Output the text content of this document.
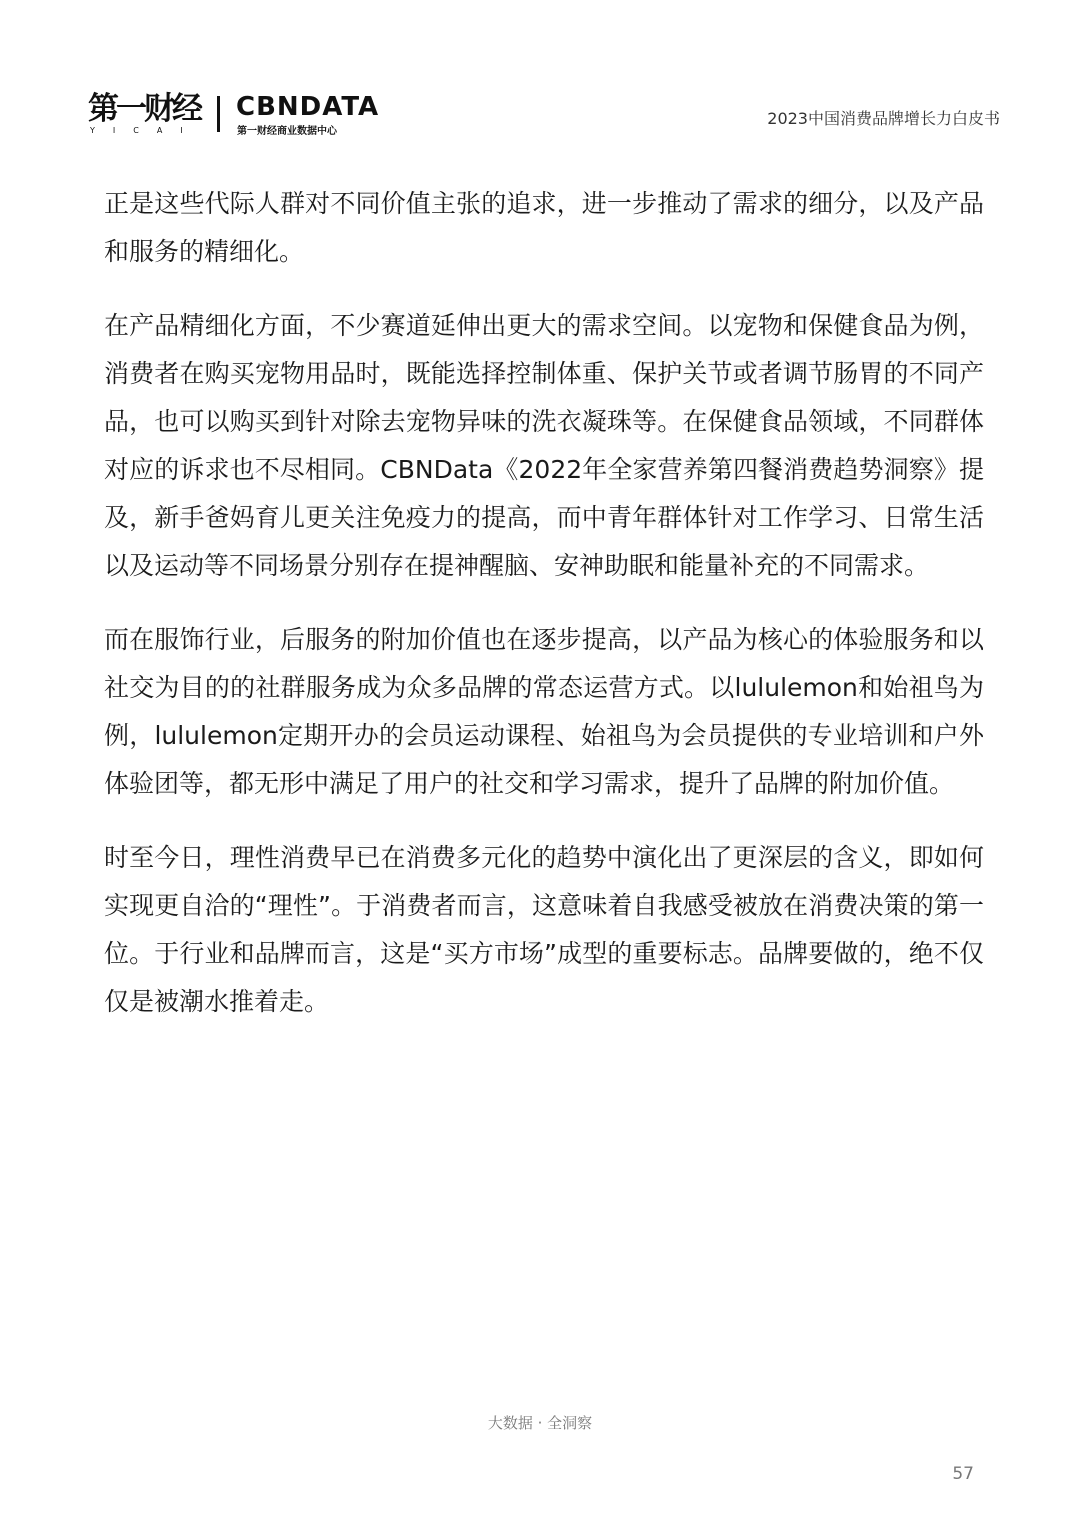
第一财经
YICAI
CBNDATA
第一财经商业数据中心
2023中国消费品牌增长力白皮书

正是这些代际人群对不同价值主张的追求，进一步推动了需求的细分，以及产品和服务的精细化。

在产品精细化方面，不少赛道延伸出更大的需求空间。以宠物和保健食品为例，消费者在购买宠物用品时，既能选择控制体重、保护关节或者调节肠胃的不同产品，也可以购买到针对除去宠物异味的洗衣凝珠等。在保健食品领域，不同群体对应的诉求也不尽相同。CBNData《2022年全家营养第四餐消费趋势洞察》提及，新手爸妈育儿更关注免疫力的提高，而中青年群体针对工作学习、日常生活以及运动等不同场景分别存在提神醒脑、安神助眠和能量补充的不同需求。

而在服饰行业，后服务的附加价值也在逐步提高，以产品为核心的体验服务和以社交为目的的社群服务成为众多品牌的常态运营方式。以lululemon和始祖鸟为例，lululemon定期开办的会员运动课程、始祖鸟为会员提供的专业培训和户外体验团等，都无形中满足了用户的社交和学习需求，提升了品牌的附加价值。

时至今日，理性消费早已在消费多元化的趋势中演化出了更深层的含义，即如何实现更自洽的“理性”。于消费者而言，这意味着自我感受被放在消费决策的第一位。于行业和品牌而言，这是“买方市场”成型的重要标志。品牌要做的，绝不仅仅是被潮水推着走。

大数据 · 全洞察
57
